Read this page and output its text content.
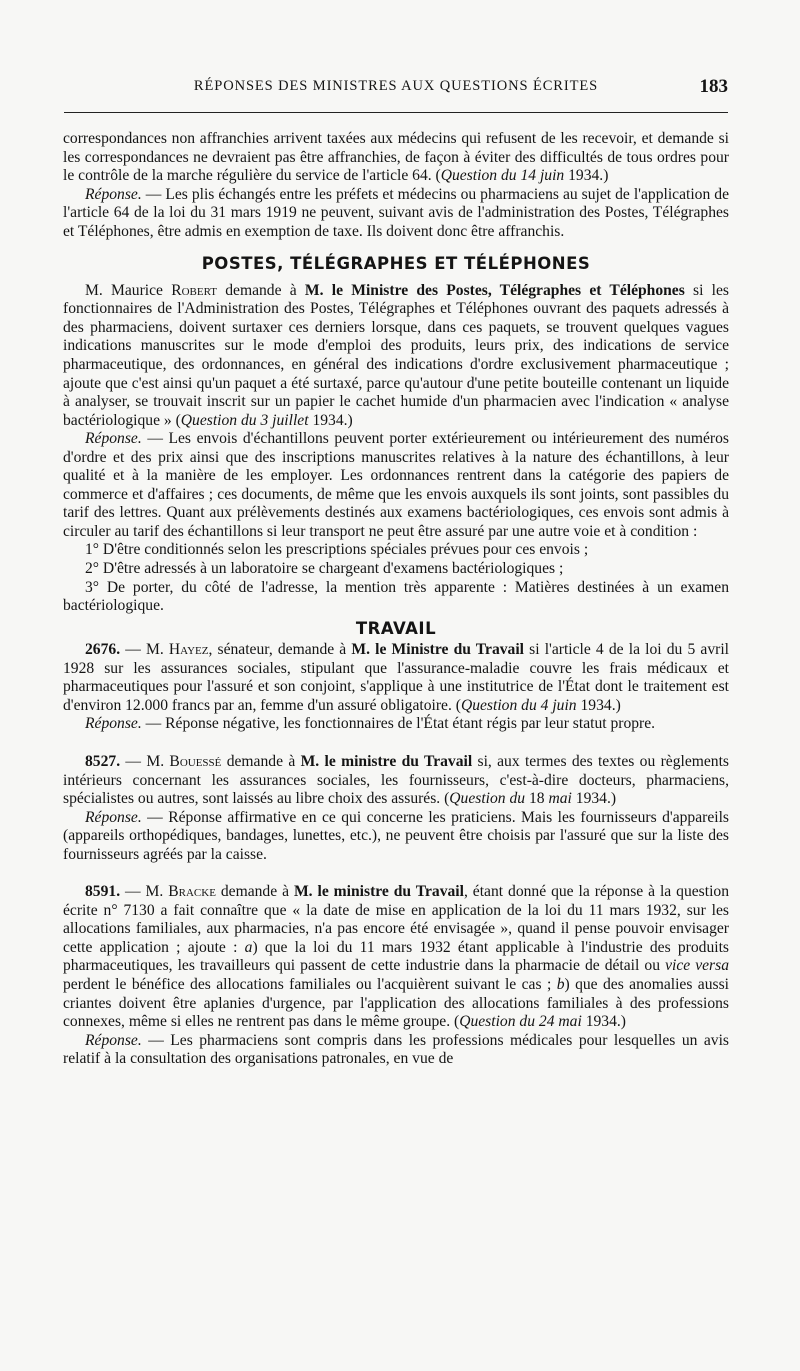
RÉPONSES DES MINISTRES AUX QUESTIONS ÉCRITES	183

correspondances non affranchies arrivent taxées aux médecins qui refusent de les recevoir, et demande si les correspondances ne devraient pas être affranchies, de façon à éviter des difficultés de tous ordres pour le contrôle de la marche régulière du service de l'article 64. (Question du 14 juin 1934.)

Réponse. — Les plis échangés entre les préfets et médecins ou pharmaciens au sujet de l'application de l'article 64 de la loi du 31 mars 1919 ne peuvent, suivant avis de l'administration des Postes, Télégraphes et Téléphones, être admis en exemption de taxe. Ils doivent donc être affranchis.

POSTES, TÉLÉGRAPHES ET TÉLÉPHONES

M. Maurice Robert demande à M. le Ministre des Postes, Télégraphes et Téléphones si les fonctionnaires de l'Administration des Postes, Télégraphes et Téléphones ouvrant des paquets adressés à des pharmaciens, doivent surtaxer ces derniers lorsque, dans ces paquets, se trouvent quelques vagues indications manuscrites sur le mode d'emploi des produits, leurs prix, des indications de service pharmaceutique, des ordonnances, en général des indications d'ordre exclusivement pharmaceutique ; ajoute que c'est ainsi qu'un paquet a été surtaxé, parce qu'autour d'une petite bouteille contenant un liquide à analyser, se trouvait inscrit sur un papier le cachet humide d'un pharmacien avec l'indication « analyse bactériologique » (Question du 3 juillet 1934.)

Réponse. — Les envois d'échantillons peuvent porter extérieurement ou intérieurement des numéros d'ordre et des prix ainsi que des inscriptions manuscrites relatives à la nature des échantillons, à leur qualité et à la manière de les employer. Les ordonnances rentrent dans la catégorie des papiers de commerce et d'affaires ; ces documents, de même que les envois auxquels ils sont joints, sont passibles du tarif des lettres. Quant aux prélèvements destinés aux examens bactériologiques, ces envois sont admis à circuler au tarif des échantillons si leur transport ne peut être assuré par une autre voie et à condition :

1° D'être conditionnés selon les prescriptions spéciales prévues pour ces envois ;

2° D'être adressés à un laboratoire se chargeant d'examens bactériologiques ;

3° De porter, du côté de l'adresse, la mention très apparente : Matières destinées à un examen bactériologique.

TRAVAIL

2676. — M. Hayez, sénateur, demande à M. le Ministre du Travail si l'article 4 de la loi du 5 avril 1928 sur les assurances sociales, stipulant que l'assurance-maladie couvre les frais médicaux et pharmaceutiques pour l'assuré et son conjoint, s'applique à une institutrice de l'État dont le traitement est d'environ 12.000 francs par an, femme d'un assuré obligatoire. (Question du 4 juin 1934.)

Réponse. — Réponse négative, les fonctionnaires de l'État étant régis par leur statut propre.

8527. — M. Bouessé demande à M. le ministre du Travail si, aux termes des textes ou règlements intérieurs concernant les assurances sociales, les fournisseurs, c'est-à-dire docteurs, pharmaciens, spécialistes ou autres, sont laissés au libre choix des assurés. (Question du 18 mai 1934.)

Réponse. — Réponse affirmative en ce qui concerne les praticiens. Mais les fournisseurs d'appareils (appareils orthopédiques, bandages, lunettes, etc.), ne peuvent être choisis par l'assuré que sur la liste des fournisseurs agréés par la caisse.

8591. — M. Bracke demande à M. le ministre du Travail, étant donné que la réponse à la question écrite n° 7130 a fait connaître que « la date de mise en application de la loi du 11 mars 1932, sur les allocations familiales, aux pharmacies, n'a pas encore été envisagée », quand il pense pouvoir envisager cette application ; ajoute : a) que la loi du 11 mars 1932 étant applicable à l'industrie des produits pharmaceutiques, les travailleurs qui passent de cette industrie dans la pharmacie de détail ou vice versa perdent le bénéfice des allocations familiales ou l'acquièrent suivant le cas ; b) que des anomalies aussi criantes doivent être aplanies d'urgence, par l'application des allocations familiales à des professions connexes, même si elles ne rentrent pas dans le même groupe. (Question du 24 mai 1934.)

Réponse. — Les pharmaciens sont compris dans les professions médicales pour lesquelles un avis relatif à la consultation des organisations patronales, en vue de
